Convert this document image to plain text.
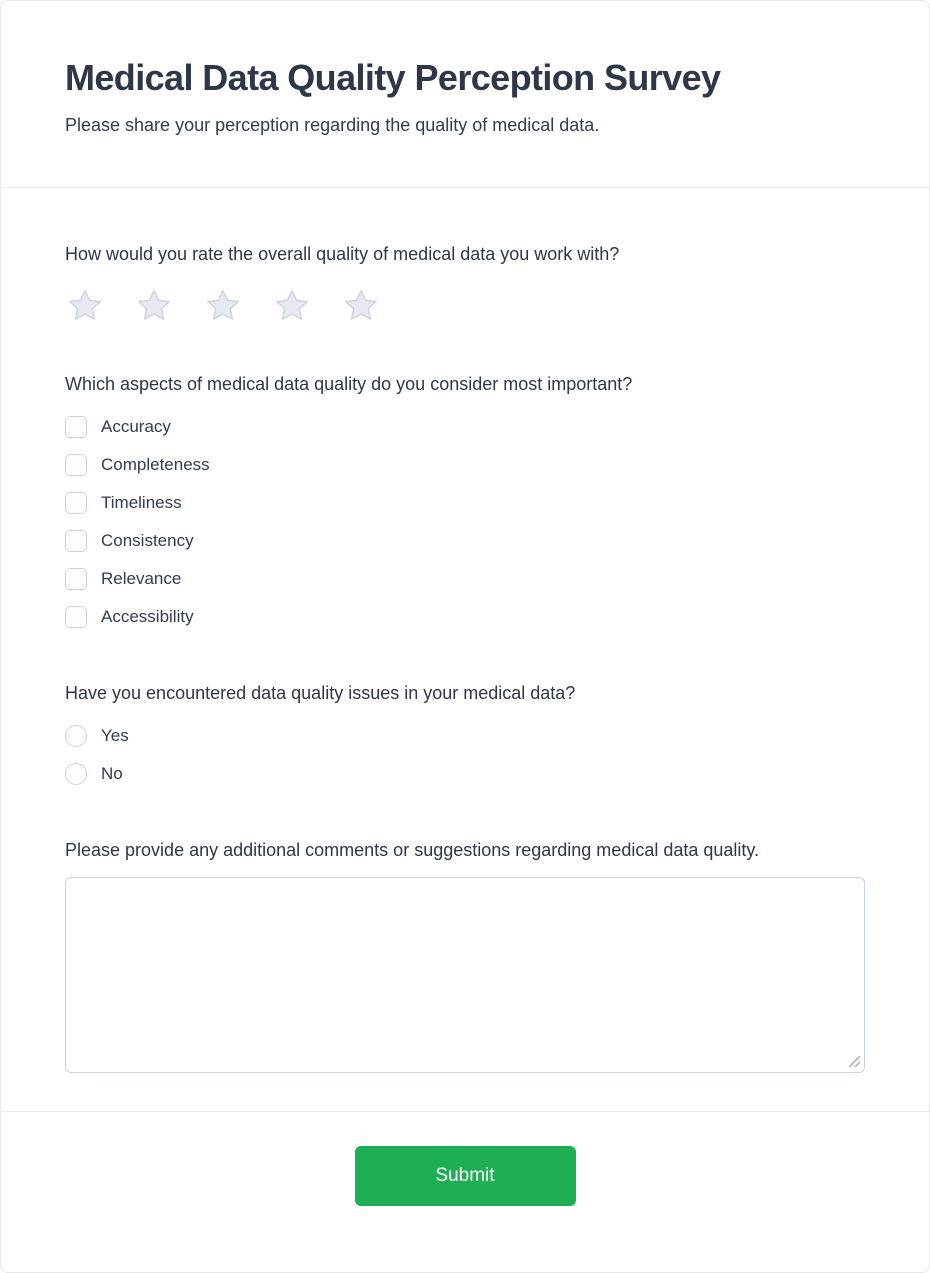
Medical Data Quality Perception Survey

Please share your perception regarding the quality of medical data.

How would you rate the overall quality of medical data you work with?
Which aspects of medical data quality do you consider most important?
Accuracy
Completeness
Timeliness
Consistency
Relevance
Accessibility
Have you encountered data quality issues in your medical data?
Yes
No
Please provide any additional comments or suggestions regarding medical data quality.
Submit
